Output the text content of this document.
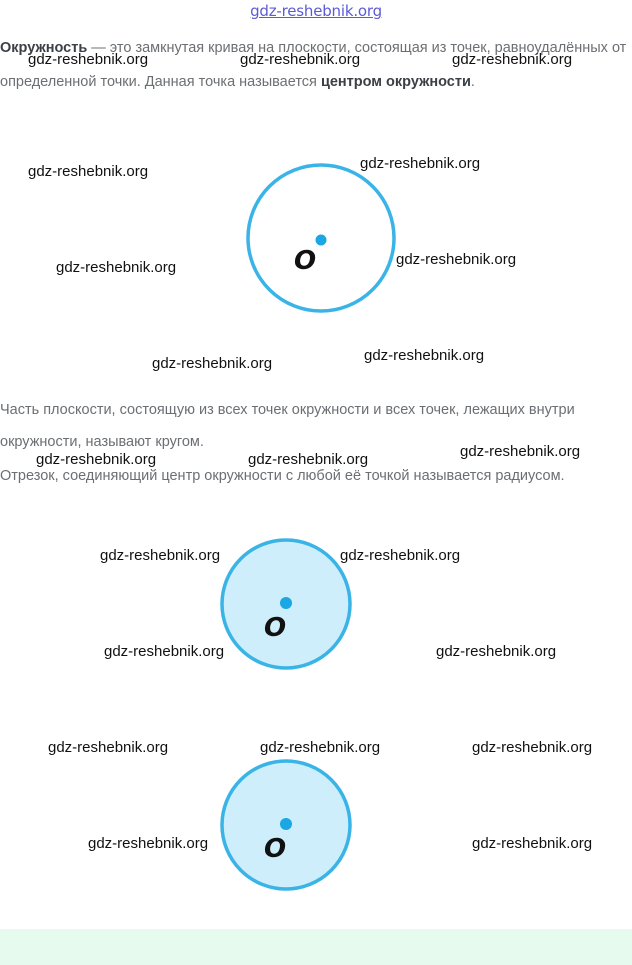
gdz-reshebnik.org

Окружность — это замкнутая кривая на плоскости, состоящая из точек, равноудалённых от определенной точки. Данная точка называется центром окружности.

O

Часть плоскости, состоящую из всех точек окружности и всех точек, лежащих внутри окружности, называют кругом.

Отрезок, соединяющий центр окружности с любой её точкой называется радиусом.

O
O
gdz-reshebnik.org	gdz-reshebnik.org	gdz-reshebnik.org
gdz-reshebnik.org	gdz-reshebnik.org
gdz-reshebnik.org	gdz-reshebnik.org
gdz-reshebnik.org	gdz-reshebnik.org
gdz-reshebnik.org
gdz-reshebnik.org	gdz-reshebnik.org
gdz-reshebnik.org	gdz-reshebnik.org
gdz-reshebnik.org	gdz-reshebnik.org
gdz-reshebnik.org	gdz-reshebnik.org	gdz-reshebnik.org
gdz-reshebnik.org	gdz-reshebnik.org
